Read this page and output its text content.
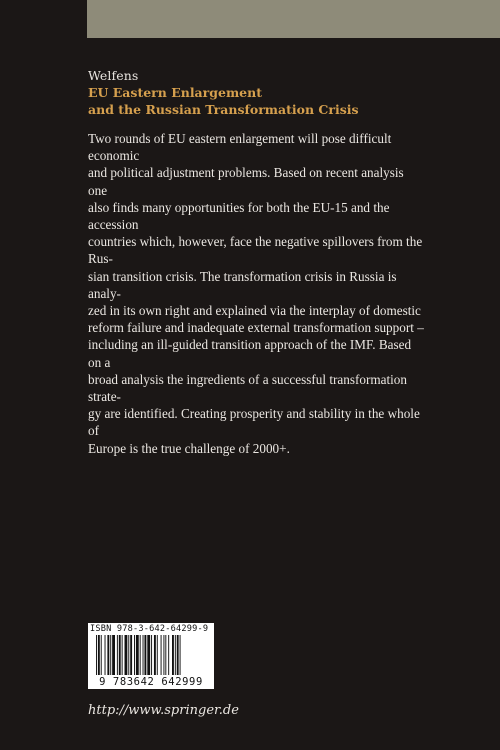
Welfens
EU Eastern Enlargement
and the Russian Transformation Crisis
Two rounds of EU eastern enlargement will pose difficult economic
and political adjustment problems. Based on recent analysis one
also finds many opportunities for both the EU-15 and the accession
countries which, however, face the negative spillovers from the Rus-
sian transition crisis. The transformation crisis in Russia is analy-
zed in its own right and explained via the interplay of domestic
reform failure and inadequate external transformation support –
including an ill-guided transition approach of the IMF. Based on a
broad analysis the ingredients of a successful transformation strate-
gy are identified. Creating prosperity and stability in the whole of
Europe is the true challenge of 2000+.
ISBN 978-3-642-64299-9
9 783642 642999
http://www.springer.de
